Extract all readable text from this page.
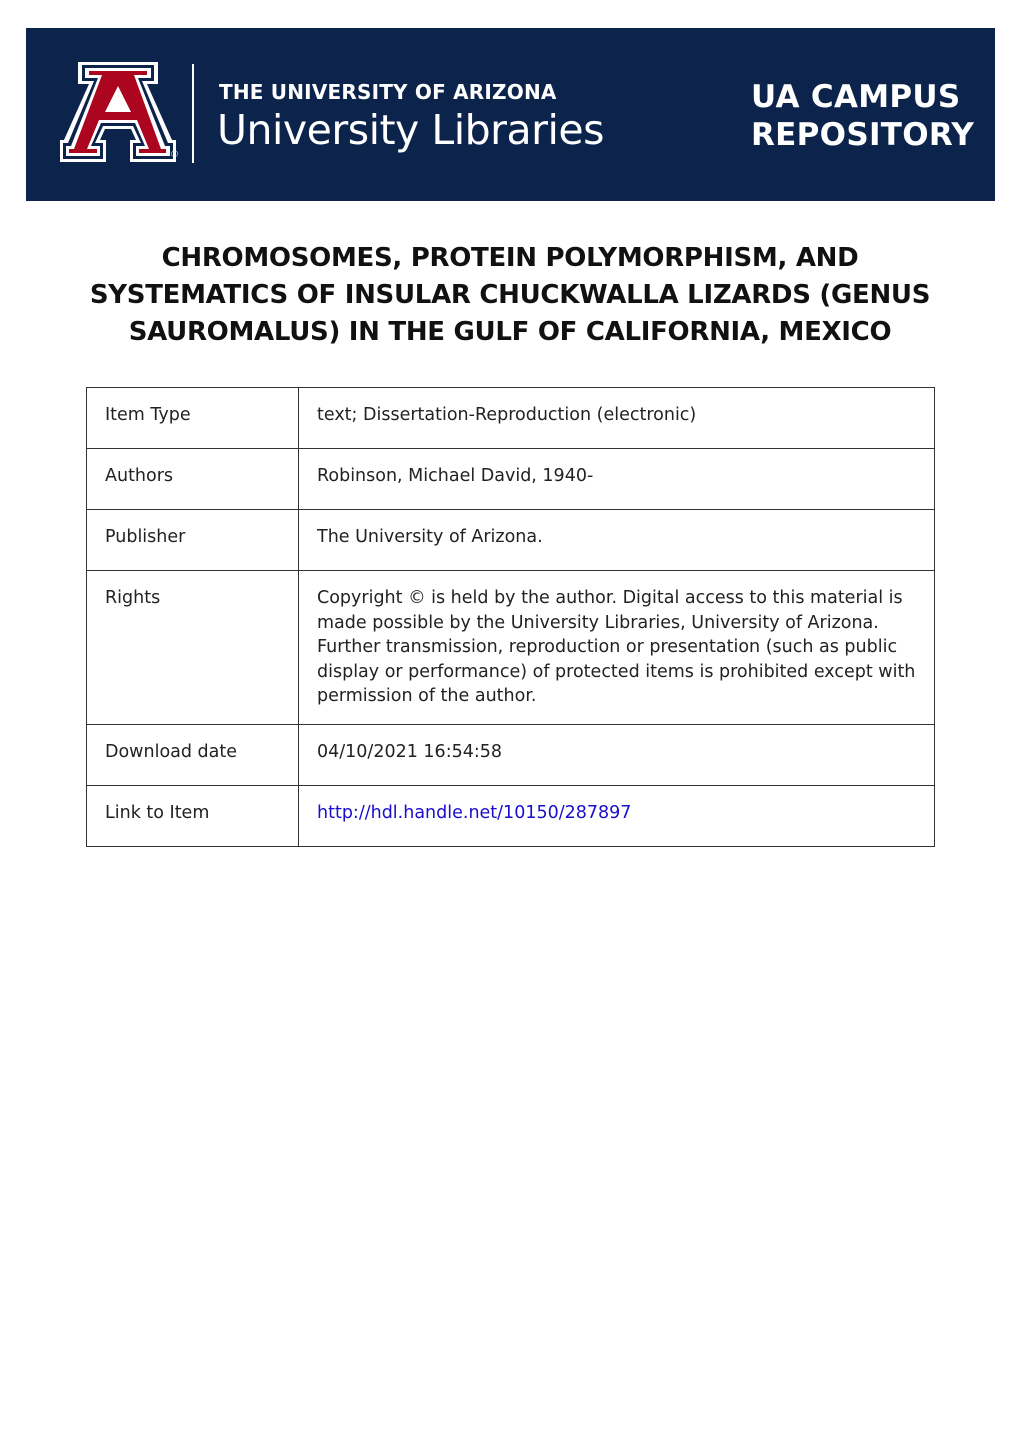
®
THE UNIVERSITY OF ARIZONA
University Libraries
UA CAMPUS
REPOSITORY
CHROMOSOMES, PROTEIN POLYMORPHISM, AND SYSTEMATICS OF INSULAR CHUCKWALLA LIZARDS (GENUS SAUROMALUS) IN THE GULF OF CALIFORNIA, MEXICO
Item Type	text; Dissertation-Reproduction (electronic)
Authors	Robinson, Michael David, 1940-
Publisher	The University of Arizona.
Rights	Copyright © is held by the author. Digital access to this material is made possible by the University Libraries, University of Arizona. Further transmission, reproduction or presentation (such as public display or performance) of protected items is prohibited except with permission of the author.
Download date	04/10/2021 16:54:58
Link to Item	http://hdl.handle.net/10150/287897
